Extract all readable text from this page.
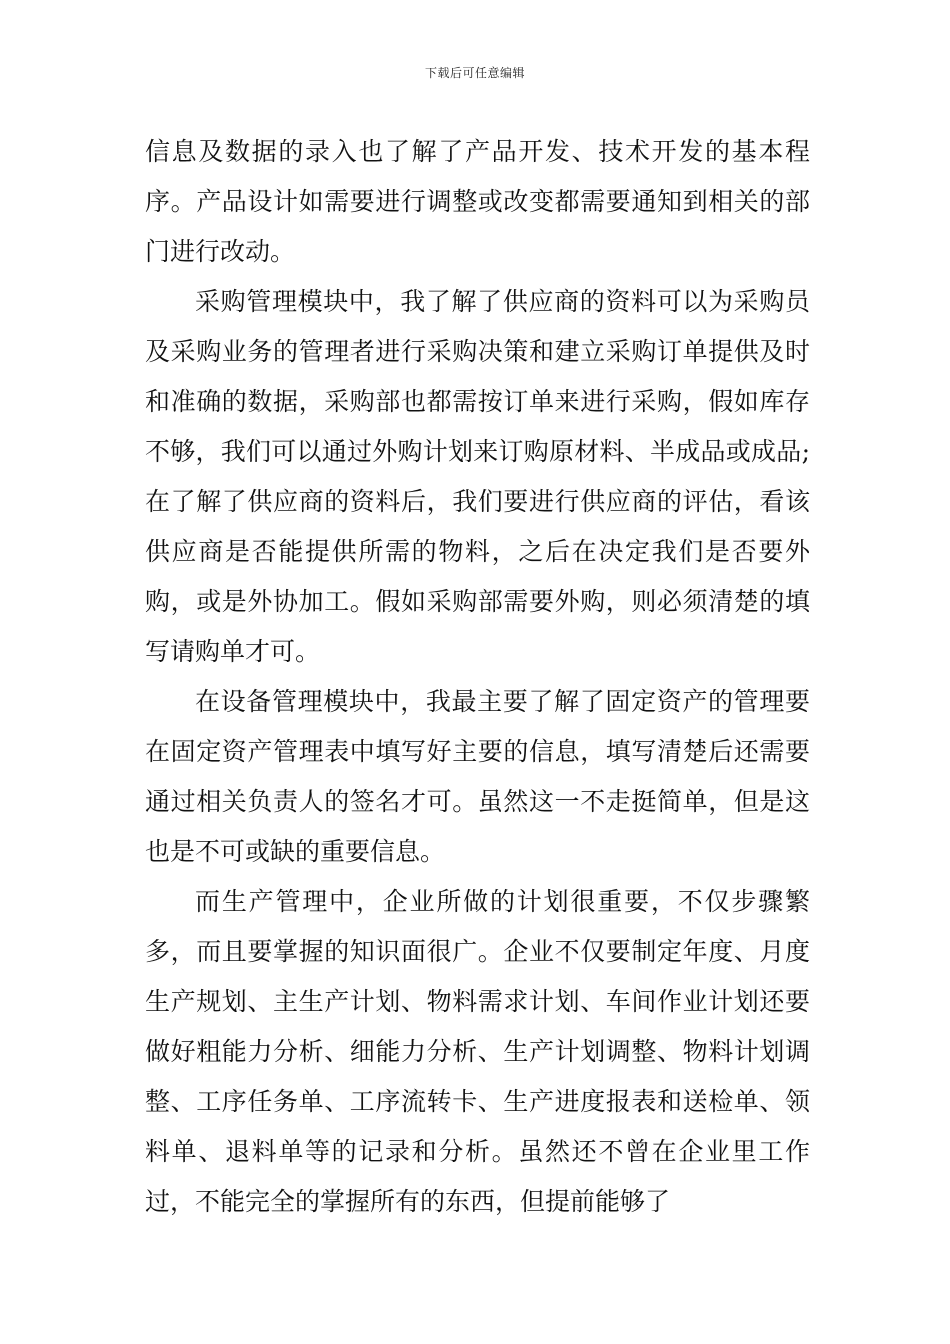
下载后可任意编辑

信息及数据的录入也了解了产品开发、技术开发的基本程序。产品设计如需要进行调整或改变都需要通知到相关的部门进行改动。

采购管理模块中，我了解了供应商的资料可以为采购员及采购业务的管理者进行采购决策和建立采购订单提供及时和准确的数据，采购部也都需按订单来进行采购，假如库存不够，我们可以通过外购计划来订购原材料、半成品或成品;在了解了供应商的资料后，我们要进行供应商的评估，看该供应商是否能提供所需的物料，之后在决定我们是否要外购，或是外协加工。假如采购部需要外购，则必须清楚的填写请购单才可。

在设备管理模块中，我最主要了解了固定资产的管理要在固定资产管理表中填写好主要的信息，填写清楚后还需要通过相关负责人的签名才可。虽然这一不走挺简单，但是这也是不可或缺的重要信息。

而生产管理中，企业所做的计划很重要，不仅步骤繁多，而且要掌握的知识面很广。企业不仅要制定年度、月度生产规划、主生产计划、物料需求计划、车间作业计划还要做好粗能力分析、细能力分析、生产计划调整、物料计划调整、工序任务单、工序流转卡、生产进度报表和送检单、领料单、退料单等的记录和分析。虽然还不曾在企业里工作过，不能完全的掌握所有的东西，但提前能够了
